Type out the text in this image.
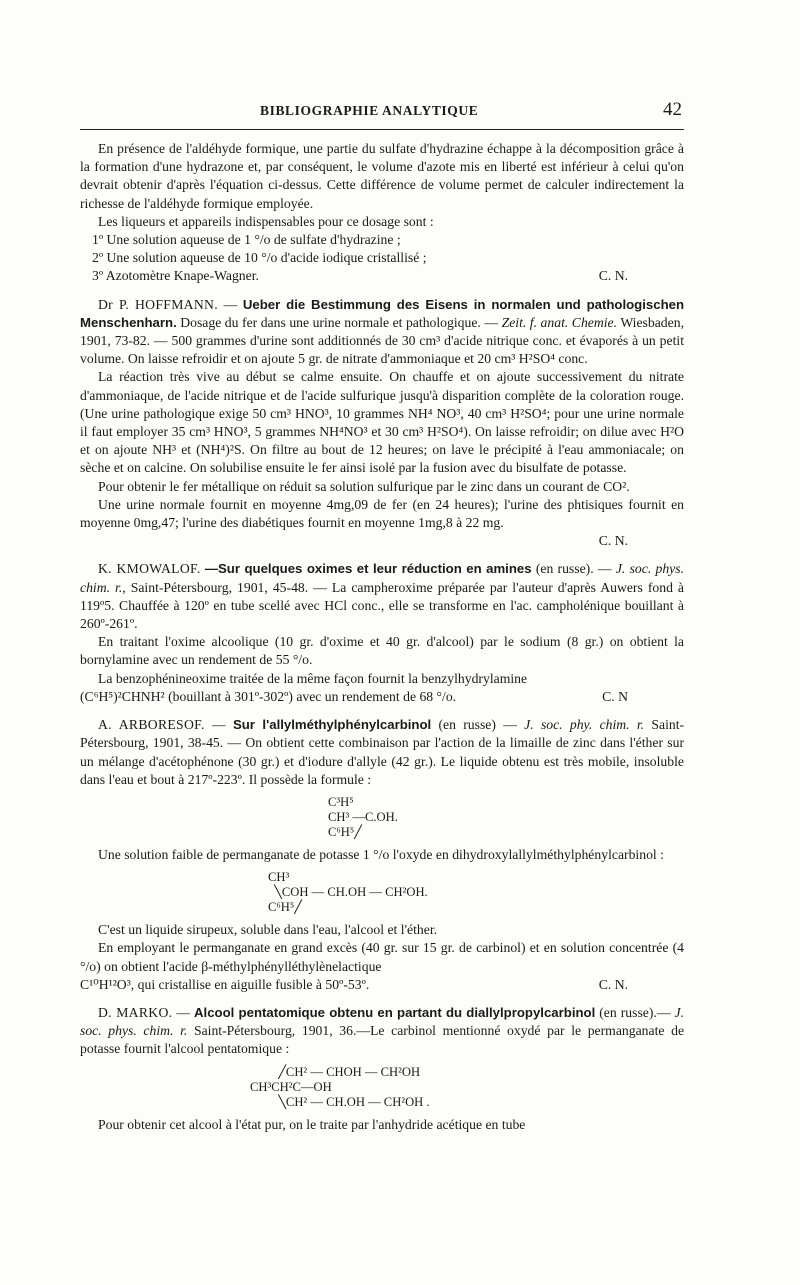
BIBLIOGRAPHIE ANALYTIQUE	42

En présence de l'aldéhyde formique, une partie du sulfate d'hydrazine échappe à la décomposition grâce à la formation d'une hydrazone et, par conséquent, le volume d'azote mis en liberté est inférieur à celui qu'on devrait obtenir d'après l'équation ci-dessus. Cette différence de volume permet de calculer indirectement la richesse de l'aldéhyde formique employée.

Les liqueurs et appareils indispensables pour ce dosage sont :

1º Une solution aqueuse de 1 °/o de sulfate d'hydrazine ;

2º Une solution aqueuse de 10 °/o d'acide iodique cristallisé ;

3º Azotomètre Knape-Wagner.	C. N.

Dr P. HOFFMANN. — Ueber die Bestimmung des Eisens in normalen und pathologischen Menschenharn. Dosage du fer dans une urine normale et pathologique. — Zeit. f. anat. Chemie. Wiesbaden, 1901, 73-82. — 500 grammes d'urine sont additionnés de 30 cm³ d'acide nitrique conc. et évaporés à un petit volume. On laisse refroidir et on ajoute 5 gr. de nitrate d'ammoniaque et 20 cm³ H²SO⁴ conc.

La réaction très vive au début se calme ensuite. On chauffe et on ajoute successivement du nitrate d'ammoniaque, de l'acide nitrique et de l'acide sulfurique jusqu'à disparition complète de la coloration rouge. (Une urine pathologique exige 50 cm³ HNO³, 10 grammes NH⁴ NO³, 40 cm³ H²SO⁴; pour une urine normale il faut employer 35 cm³ HNO³, 5 grammes NH⁴NO³ et 30 cm³ H²SO⁴). On laisse refroidir; on dilue avec H²O et on ajoute NH³ et (NH⁴)²S. On filtre au bout de 12 heures; on lave le précipité à l'eau ammoniacale; on sèche et on calcine. On solubilise ensuite le fer ainsi isolé par la fusion avec du bisulfate de potasse.

Pour obtenir le fer métallique on réduit sa solution sulfurique par le zinc dans un courant de CO².

Une urine normale fournit en moyenne 4mg,09 de fer (en 24 heures); l'urine des phtisiques fournit en moyenne 0mg,47; l'urine des diabétiques fournit en moyenne 1mg,8 à 22 mg.

C. N.

K. KMOWALOF. —Sur quelques oximes et leur réduction en amines (en russe). — J. soc. phys. chim. r., Saint-Pétersbourg, 1901, 45-48. — La campheroxime préparée par l'auteur d'après Auwers fond à 119º5. Chauffée à 120º en tube scellé avec HCl conc., elle se transforme en l'ac. campholénique bouillant à 260º-261º.

En traitant l'oxime alcoolique (10 gr. d'oxime et 40 gr. d'alcool) par le sodium (8 gr.) on obtient la bornylamine avec un rendement de 55 °/o.

La benzophénineoxime traitée de la même façon fournit la benzylhydrylamine

(C⁶H⁵)²CHNH² (bouillant à 301º-302º) avec un rendement de 68 °/o.	C. N

A. ARBORESOF. — Sur l'allylméthylphénylcarbinol (en russe) — J. soc. phy. chim. r. Saint-Pétersbourg, 1901, 38-45. — On obtient cette combinaison par l'action de la limaille de zinc dans l'éther sur un mélange d'acétophénone (30 gr.) et d'iodure d'allyle (42 gr.). Le liquide obtenu est très mobile, insoluble dans l'eau et bout à 217º-223º. Il possède la formule :

C³H⁵

CH³ —C.OH.

C⁶H⁵╱

Une solution faible de permanganate de potasse 1 °/o l'oxyde en dihydroxylallylméthylphénylcarbinol :

CH³

╲COH — CH.OH — CH²OH.

C⁶H⁵╱

C'est un liquide sirupeux, soluble dans l'eau, l'alcool et l'éther.

En employant le permanganate en grand excès (40 gr. sur 15 gr. de carbinol) et en solution concentrée (4 °/o) on obtient l'acide β-méthylphénylléthylènelactique

C¹⁰H¹²O³, qui cristallise en aiguille fusible à 50º-53º.	C. N.

D. MARKO. — Alcool pentatomique obtenu en partant du diallylpropylcarbinol (en russe).— J. soc. phys. chim. r. Saint-Pétersbourg, 1901, 36.—Le carbinol mentionné oxydé par le permanganate de potasse fournit l'alcool pentatomique :

╱CH² — CHOH — CH²OH

CH³CH²C—OH

╲CH² — CH.OH — CH²OH .

Pour obtenir cet alcool à l'état pur, on le traite par l'anhydride acétique en tube
